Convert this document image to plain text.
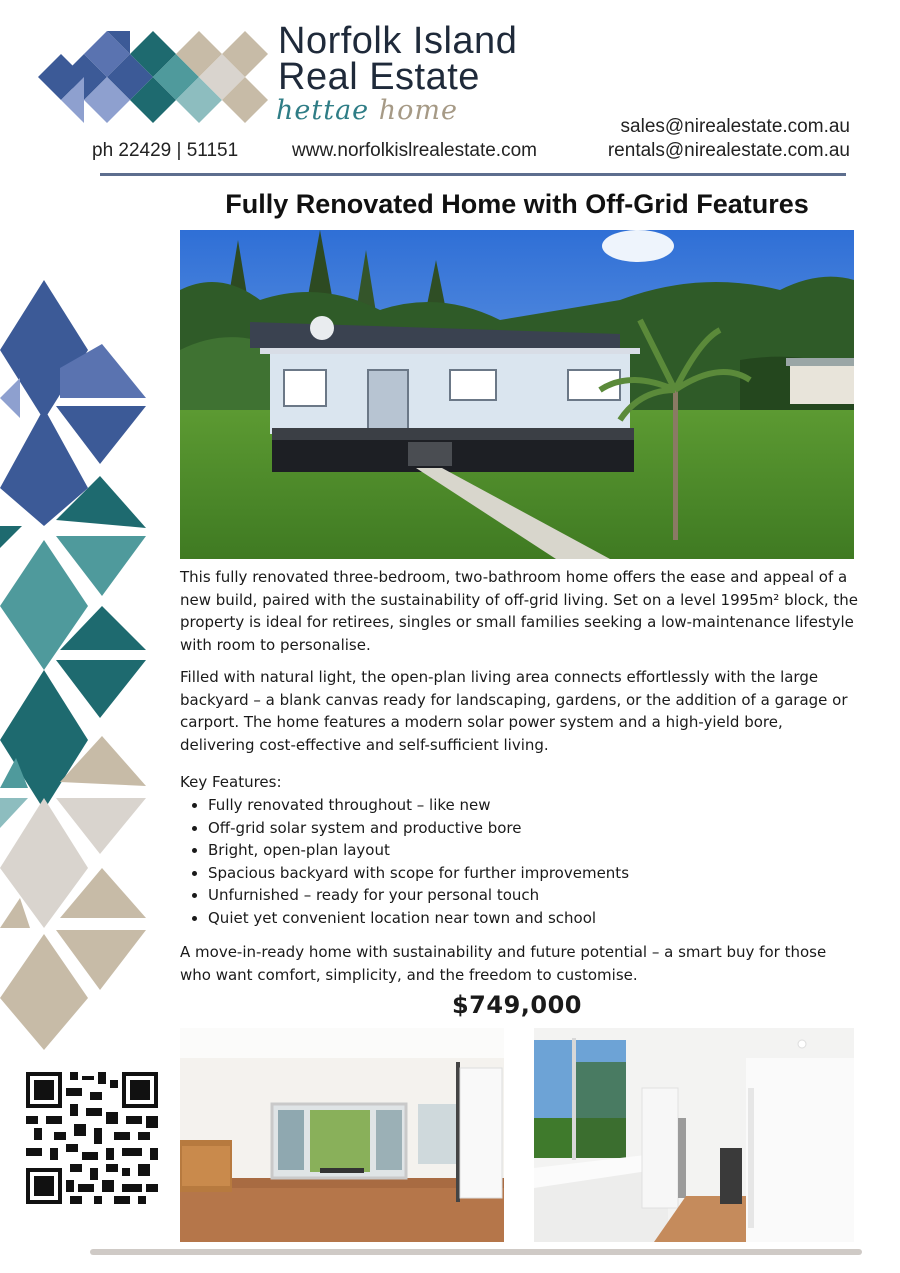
Norfolk Island
Real Estate
hettae home
ph 22429 | 51151	www.norfolkislrealestate.com
sales@nirealestate.com.au
rentals@nirealestate.com.au
Fully Renovated Home with Off-Grid Features
This fully renovated three-bedroom, two-bathroom home offers the ease and appeal of a new build, paired with the sustainability of off-grid living. Set on a level 1995m² block, the property is ideal for retirees, singles or small families seeking a low-maintenance lifestyle with room to personalise.
Filled with natural light, the open-plan living area connects effortlessly with the large backyard – a blank canvas ready for landscaping, gardens, or the addition of a garage or carport. The home features a modern solar power system and a high-yield bore, delivering cost-effective and self-sufficient living.
Key Features:
• Fully renovated throughout – like new
• Off-grid solar system and productive bore
• Bright, open-plan layout
• Spacious backyard with scope for further improvements
• Unfurnished – ready for your personal touch
• Quiet yet convenient location near town and school
A move-in-ready home with sustainability and future potential – a smart buy for those who want comfort, simplicity, and the freedom to customise.
$749,000
